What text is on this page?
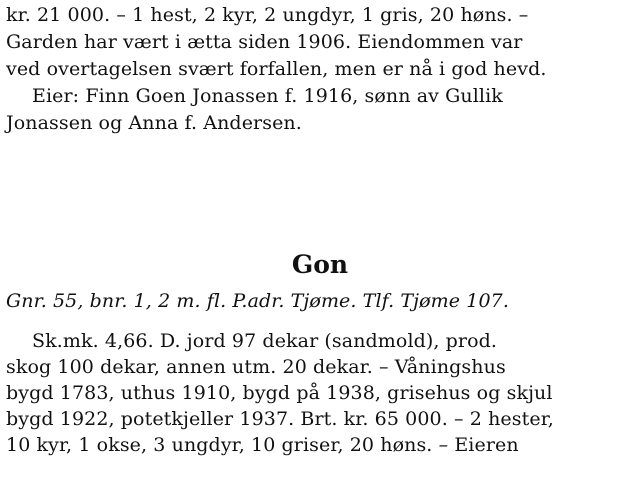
kr. 21 000. – 1 hest, 2 kyr, 2 ungdyr, 1 gris, 20 høns. –
Garden har vært i ætta siden 1906. Eiendommen var
ved overtagelsen svært forfallen, men er nå i god hevd.
Eier: Finn Goen Jonassen f. 1916, sønn av Gullik
Jonassen og Anna f. Andersen.
Gon
Gnr. 55, bnr. 1, 2 m. fl. P.adr. Tjøme. Tlf. Tjøme 107.
Sk.mk. 4,66. D. jord 97 dekar (sandmold), prod.
skog 100 dekar, annen utm. 20 dekar. – Våningshus
bygd 1783, uthus 1910, bygd på 1938, grisehus og skjul
bygd 1922, potetkjeller 1937. Brt. kr. 65 000. – 2 hester,
10 kyr, 1 okse, 3 ungdyr, 10 griser, 20 høns. – Eieren
